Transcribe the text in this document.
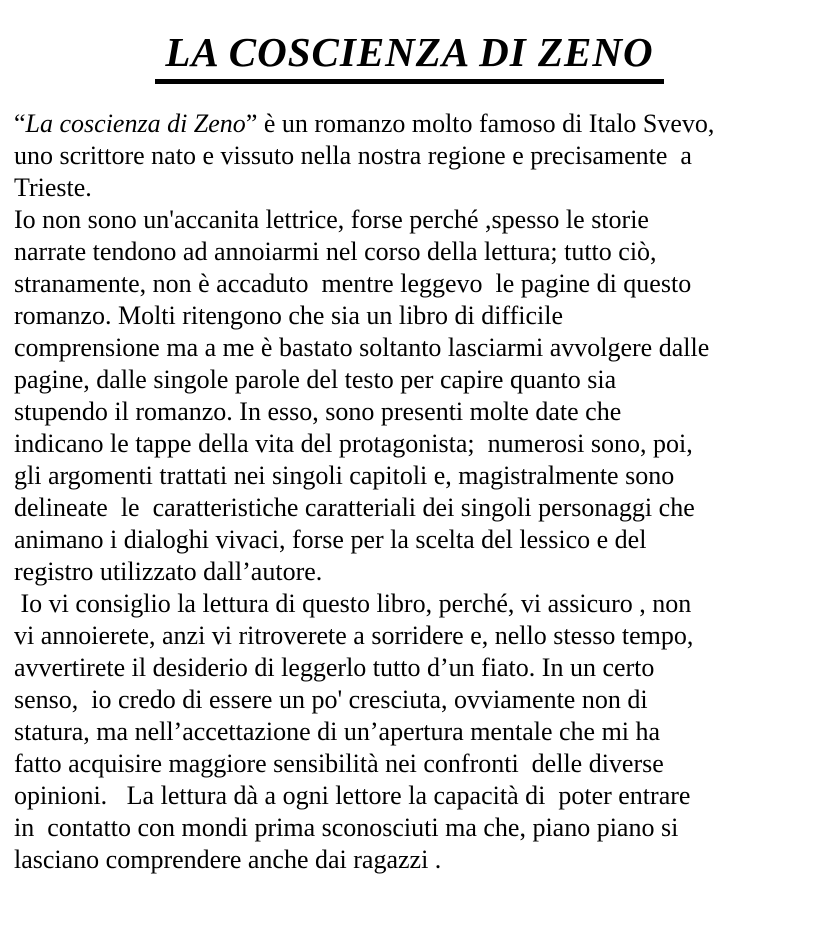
LA COSCIENZA DI ZENO
“La coscienza di Zeno” è un romanzo molto famoso di Italo Svevo,
uno scrittore nato e vissuto nella nostra regione e precisamente  a
Trieste.
Io non sono un'accanita lettrice, forse perché ,spesso le storie
narrate tendono ad annoiarmi nel corso della lettura; tutto ciò,
stranamente, non è accaduto  mentre leggevo  le pagine di questo
romanzo. Molti ritengono che sia un libro di difficile
comprensione ma a me è bastato soltanto lasciarmi avvolgere dalle
pagine, dalle singole parole del testo per capire quanto sia
stupendo il romanzo. In esso, sono presenti molte date che
indicano le tappe della vita del protagonista;  numerosi sono, poi,
gli argomenti trattati nei singoli capitoli e, magistralmente sono
delineate  le  caratteristiche caratteriali dei singoli personaggi che
animano i dialoghi vivaci, forse per la scelta del lessico e del
registro utilizzato dall’autore.
Io vi consiglio la lettura di questo libro, perché, vi assicuro , non
vi annoierete, anzi vi ritroverete a sorridere e, nello stesso tempo,
avvertirete il desiderio di leggerlo tutto d’un fiato. In un certo
senso,  io credo di essere un po' cresciuta, ovviamente non di
statura, ma nell’accettazione di un’apertura mentale che mi ha
fatto acquisire maggiore sensibilità nei confronti  delle diverse
opinioni.   La lettura dà a ogni lettore la capacità di  poter entrare
in  contatto con mondi prima sconosciuti ma che, piano piano si
lasciano comprendere anche dai ragazzi .
